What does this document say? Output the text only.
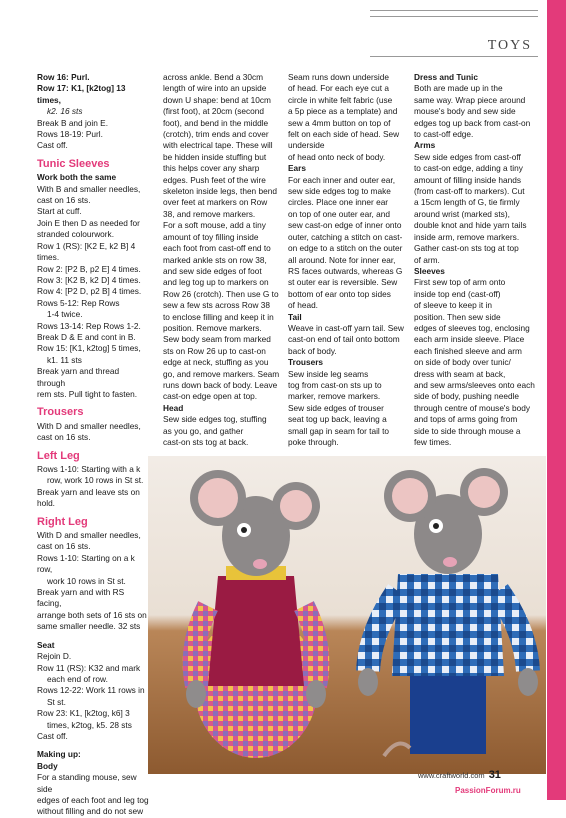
TOYS

Row 16: Purl.

Row 17: K1, [k2tog] 13 times,

k2. 16 sts

Break B and join E.

Rows 18-19: Purl.

Cast off.

Tunic Sleeves

Work both the same

With B and smaller needles,

cast on 16 sts.

Start at cuff.

Join E then D as needed for

stranded colourwork.

Row 1 (RS): [K2 E, k2 B] 4 times.

Row 2: [P2 B, p2 E] 4 times.

Row 3: [K2 B, k2 D] 4 times.

Row 4: [P2 D, p2 B] 4 times.

Rows 5-12: Rep Rows

1-4 twice.

Rows 13-14: Rep Rows 1-2.

Break D & E and cont in B.

Row 15: [K1, k2tog] 5 times,

k1. 11 sts

Break yarn and thread through

rem sts. Pull tight to fasten.

Trousers

With D and smaller needles,

cast on 16 sts.

Left Leg

Rows 1-10: Starting with a k

row, work 10 rows in St st.

Break yarn and leave sts on hold.

Right Leg

With D and smaller needles,

cast on 16 sts.

Rows 1-10: Starting on a k row,

work 10 rows in St st.

Break yarn and with RS facing,

arrange both sets of 16 sts on

same smaller needle. 32 sts

Seat

Rejoin D.

Row 11 (RS): K32 and mark

each end of row.

Rows 12-22: Work 11 rows in

St st.

Row 23: K1, [k2tog, k6] 3

times, k2tog, k5. 28 sts

Cast off.

Making up:

Body

For a standing mouse, sew side

edges of each foot and leg tog

without filling and do not sew

across ankle. Bend a 30cm

length of wire into an upside

down U shape: bend at 10cm

(first foot), at 20cm (second

foot), and bend in the middle

(crotch), trim ends and cover

with electrical tape. These will

be hidden inside stuffing but

this helps cover any sharp

edges. Push feet of the wire

skeleton inside legs, then bend

over feet at markers on Row

38, and remove markers.

For a soft mouse, add a tiny

amount of toy filling inside

each foot from cast-off end to

marked ankle sts on row 38,

and sew side edges of foot

and leg tog up to markers on

Row 26 (crotch). Then use G to

sew a few sts across Row 38

to enclose filling and keep it in

position. Remove markers.

Sew body seam from marked

sts on Row 26 up to cast-on

edge at neck, stuffing as you

go, and remove markers. Seam

runs down back of body. Leave

cast-on edge open at top.

Head

Sew side edges tog, stuffing

as you go, and gather

cast-on sts tog at back.

Seam runs down underside

of head. For each eye cut a

circle in white felt fabric (use

a 5p piece as a template) and

sew a 4mm button on top of

felt on each side of head. Sew

underside

of head onto neck of body.

Ears

For each inner and outer ear,

sew side edges tog to make

circles. Place one inner ear

on top of one outer ear, and

sew cast-on edge of inner onto

outer, catching a stitch on cast-

on edge to a stitch on the outer

all around. Note for inner ear,

RS faces outwards, whereas G

st outer ear is reversible. Sew

bottom of ear onto top sides

of head.

Tail

Weave in cast-off yarn tail. Sew

cast-on end of tail onto bottom

back of body.

Trousers

Sew inside leg seams

tog from cast-on sts up to

marker, remove markers.

Sew side edges of trouser

seat tog up back, leaving a

small gap in seam for tail to

poke through.

Dress and Tunic

Both are made up in the

same way. Wrap piece around

mouse's body and sew side

edges tog up back from cast-on

to cast-off edge.

Arms

Sew side edges from cast-off

to cast-on edge, adding a tiny

amount of filling inside hands

(from cast-off to markers). Cut

a 15cm length of G, tie firmly

around wrist (marked sts),

double knot and hide yarn tails

inside arm, remove markers.

Gather cast-on sts tog at top

of arm.

Sleeves

First sew top of arm onto

inside top end (cast-off)

of sleeve to keep it in

position. Then sew side

edges of sleeves tog, enclosing

each arm inside sleeve. Place

each finished sleeve and arm

on side of body over tunic/

dress with seam at back,

and sew arms/sleeves onto each

side of body, pushing needle

through centre of mouse's body

and tops of arms going from

side to side through mouse a

few times.

www.craftworld.com 31
PassionForum.ru
